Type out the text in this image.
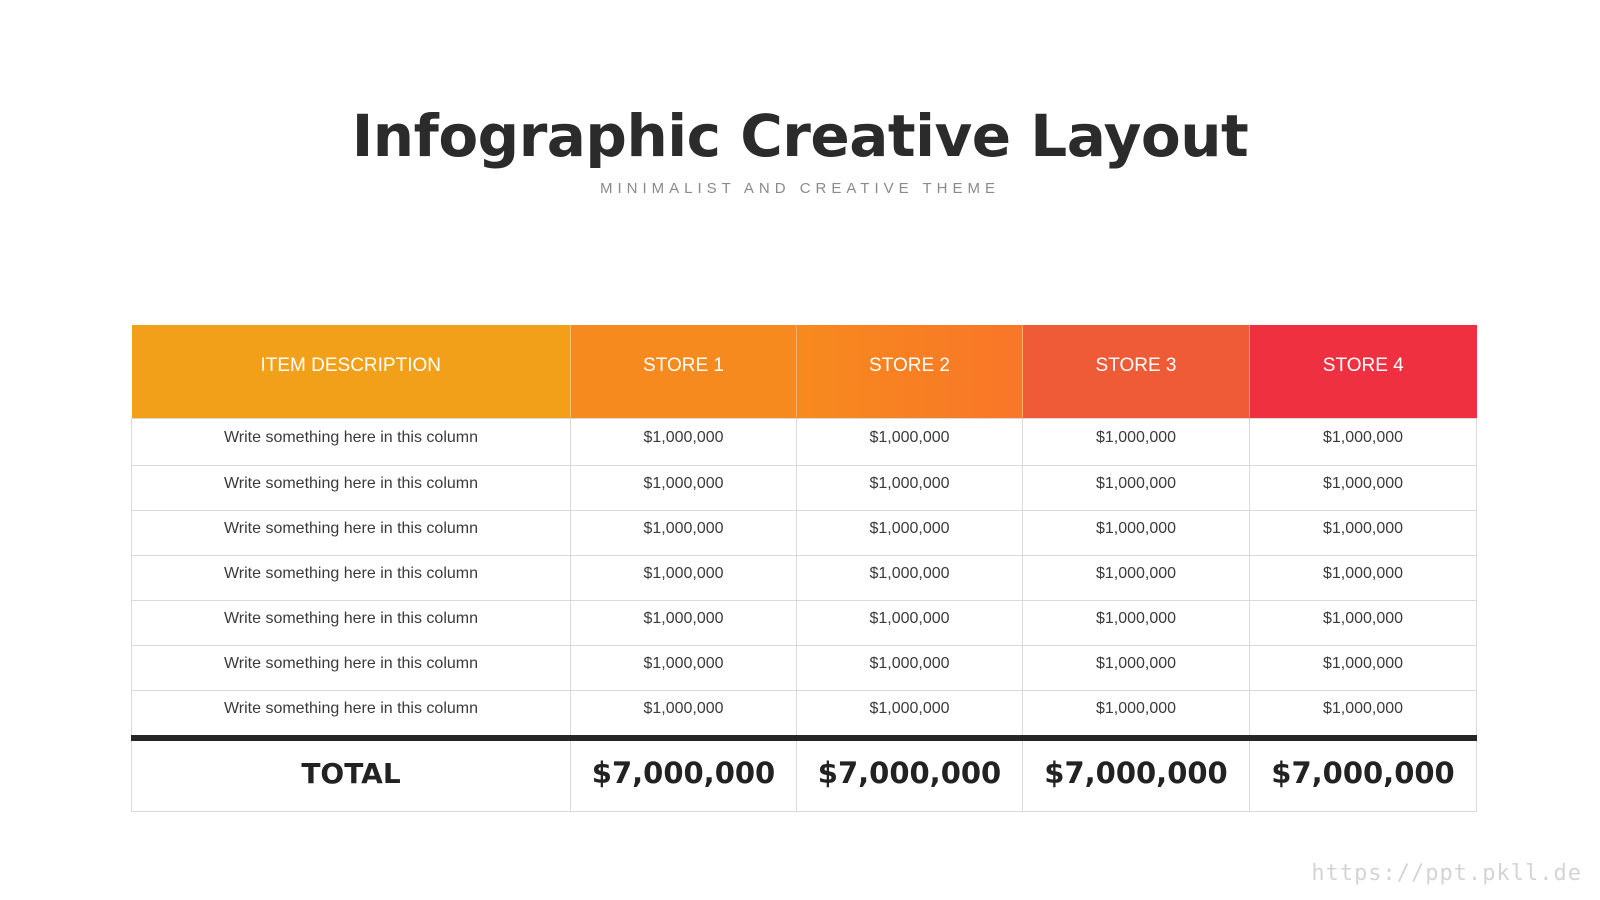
Infographic Creative Layout

MINIMALIST AND CREATIVE THEME

ITEM DESCRIPTION	STORE 1	STORE 2	STORE 3	STORE 4
Write something here in this column	$1,000,000	$1,000,000	$1,000,000	$1,000,000
Write something here in this column	$1,000,000	$1,000,000	$1,000,000	$1,000,000
Write something here in this column	$1,000,000	$1,000,000	$1,000,000	$1,000,000
Write something here in this column	$1,000,000	$1,000,000	$1,000,000	$1,000,000
Write something here in this column	$1,000,000	$1,000,000	$1,000,000	$1,000,000
Write something here in this column	$1,000,000	$1,000,000	$1,000,000	$1,000,000
Write something here in this column	$1,000,000	$1,000,000	$1,000,000	$1,000,000
TOTAL	$7,000,000	$7,000,000	$7,000,000	$7,000,000
https://ppt.pkll.de
